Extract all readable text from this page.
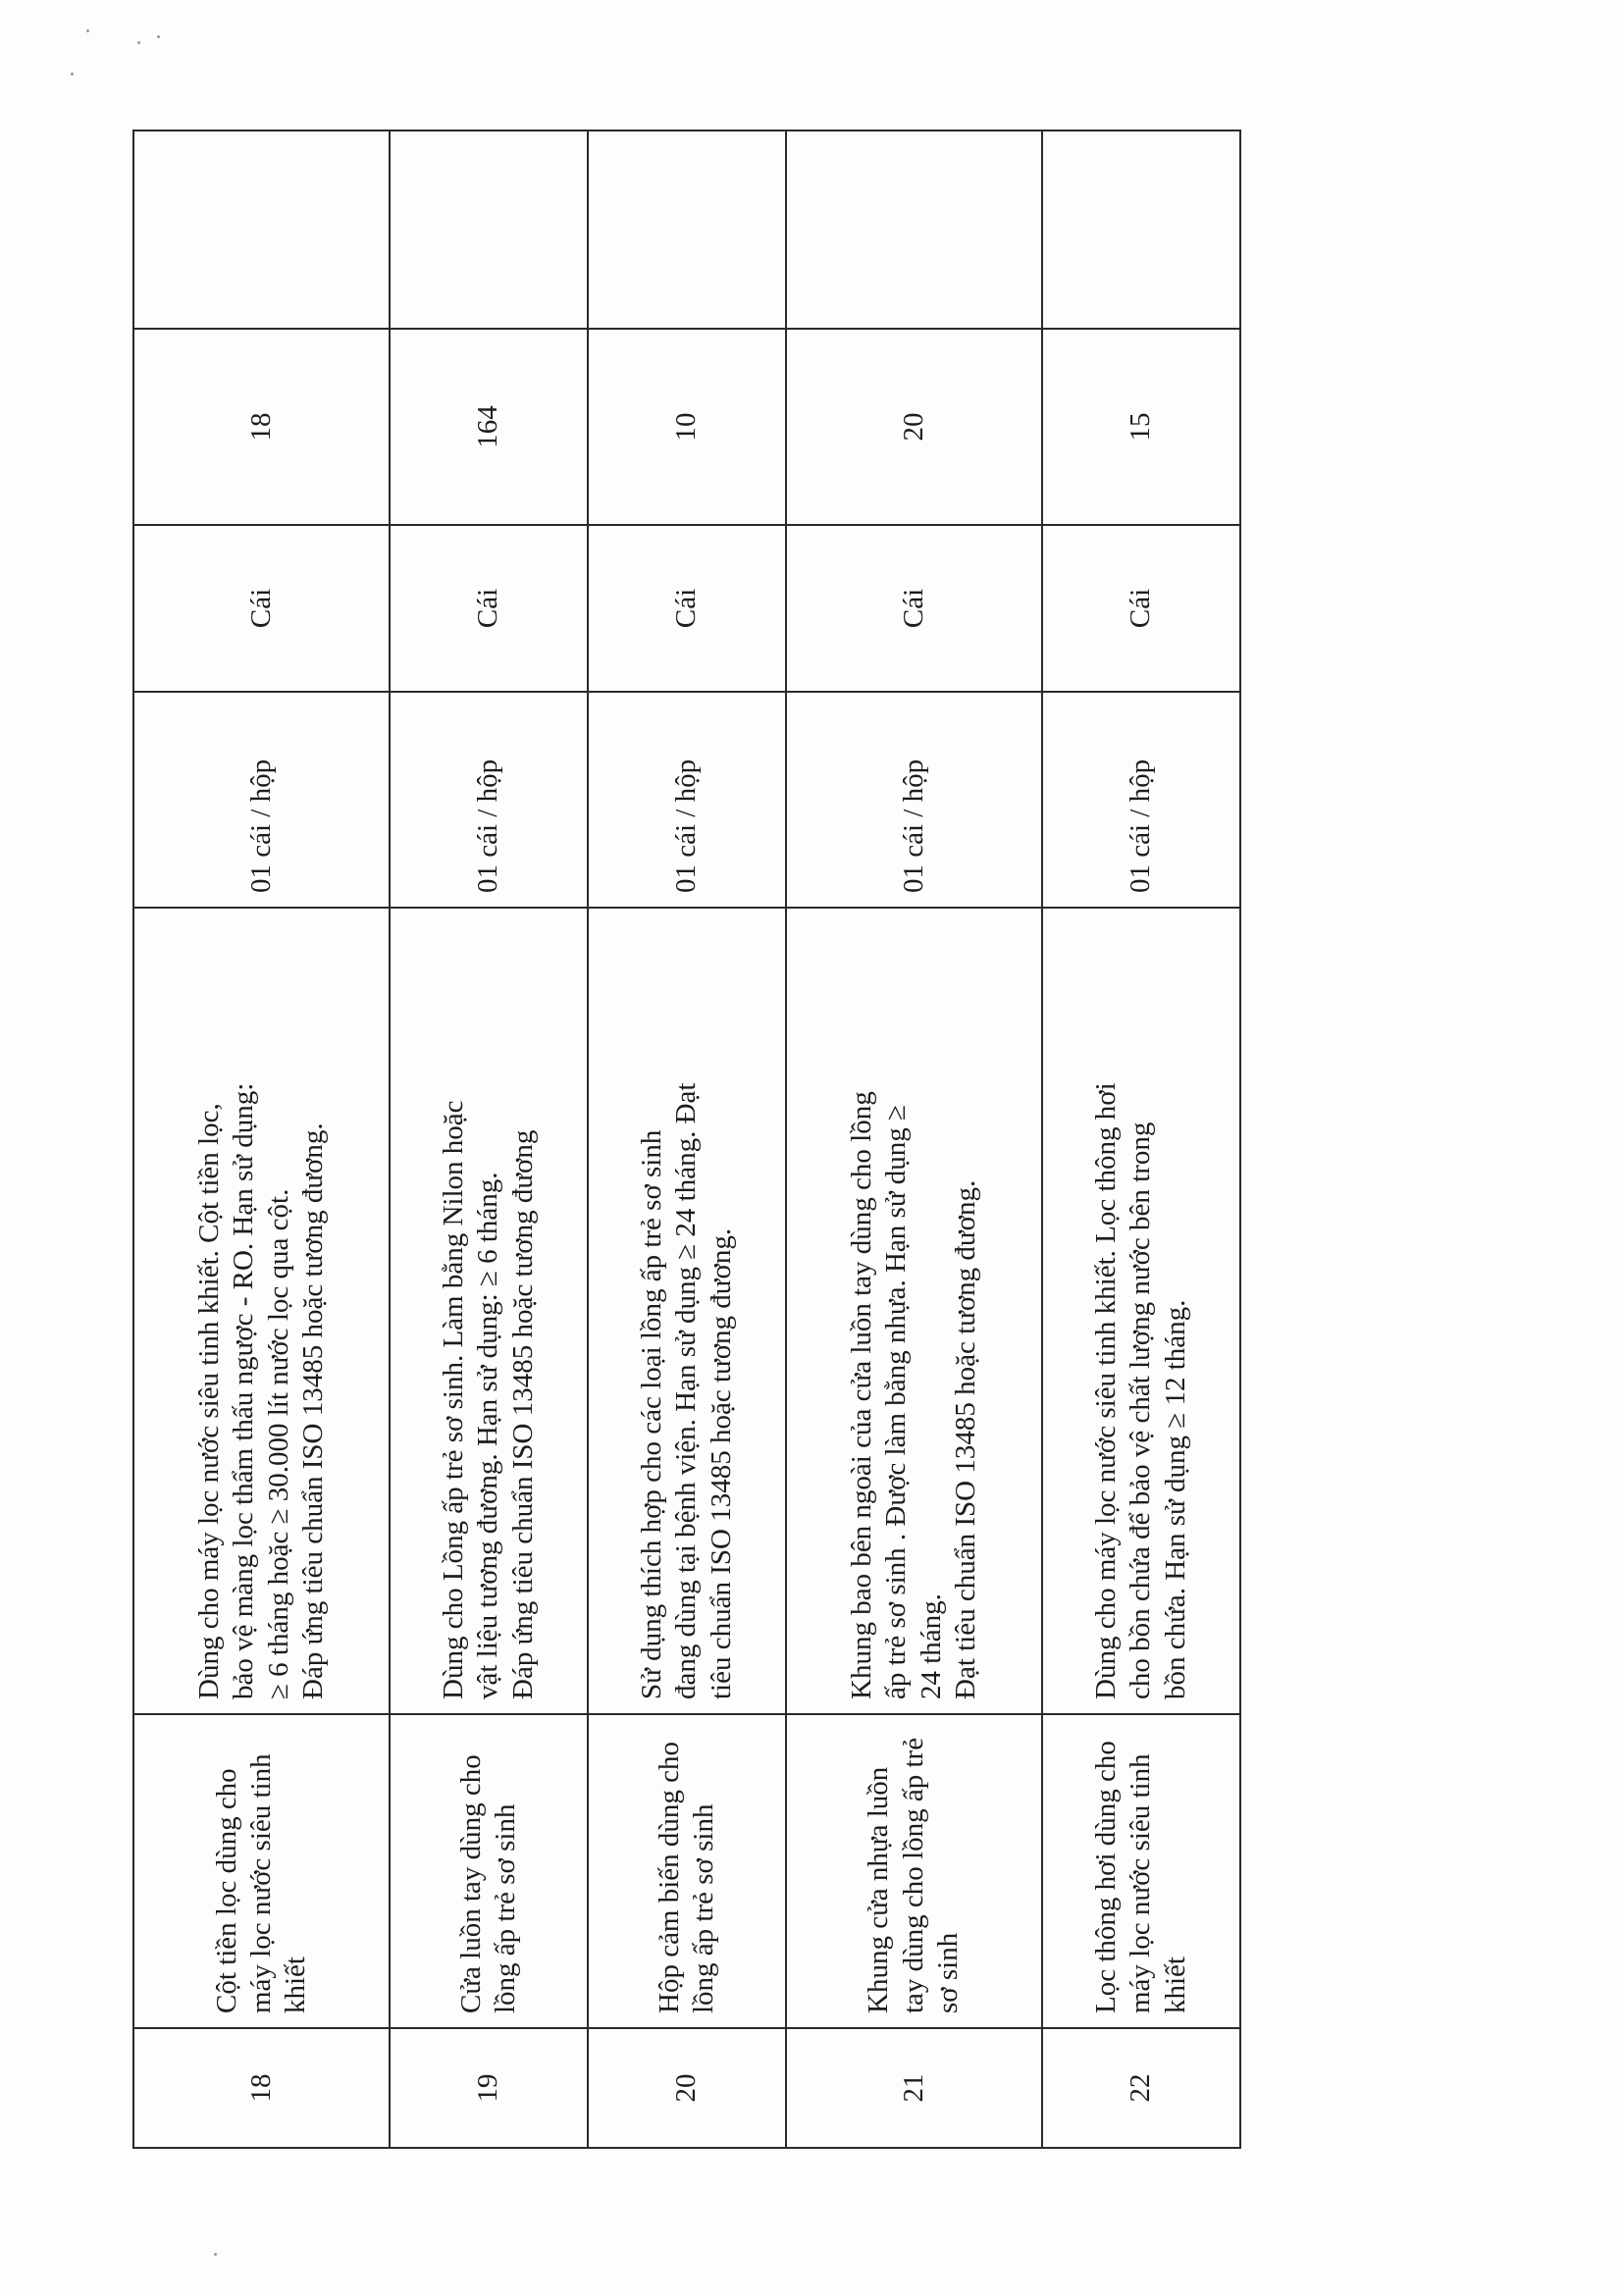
18	Cột tiền lọc dùng cho máy lọc nước siêu tinh khiết	Dùng cho máy lọc nước siêu tinh khiết. Cột tiền lọc, bảo vệ màng lọc thẩm thấu ngược - RO. Hạn sử dụng: ≥ 6 tháng hoặc ≥ 30.000 lít nước lọc qua cột. Đáp ứng tiêu chuẩn ISO 13485 hoặc tương đương.	01 cái / hộp	Cái	18	
19	Cửa luồn tay dùng cho lồng ấp trẻ sơ sinh	Dùng cho Lồng ấp trẻ sơ sinh. Làm bằng Nilon hoặc vật liệu tương đương. Hạn sử dụng: ≥ 6 tháng. Đáp ứng tiêu chuẩn ISO 13485 hoặc tương đương	01 cái / hộp	Cái	164	
20	Hộp cảm biến dùng cho lồng ấp trẻ sơ sinh	Sử dụng thích hợp cho các loại lồng ấp trẻ sơ sinh đang dùng tại bệnh viện. Hạn sử dụng ≥ 24 tháng. Đạt tiêu chuẩn ISO 13485 hoặc tương đương.	01 cái / hộp	Cái	10	
21	Khung cửa nhựa luồn tay dùng cho lồng ấp trẻ sơ sinh	Khung bao bên ngoài của cửa luồn tay dùng cho lồng ấp trẻ sơ sinh . Được làm bằng nhựa. Hạn sử dụng ≥ 24 tháng. Đạt tiêu chuẩn ISO 13485 hoặc tương đương.	01 cái / hộp	Cái	20	
22	Lọc thông hơi dùng cho máy lọc nước siêu tinh khiết	Dùng cho máy lọc nước siêu tinh khiết. Lọc thông hơi cho bồn chứa để bảo vệ chất lượng nước bên trong bồn chứa. Hạn sử dụng ≥ 12 tháng.	01 cái / hộp	Cái	15	
